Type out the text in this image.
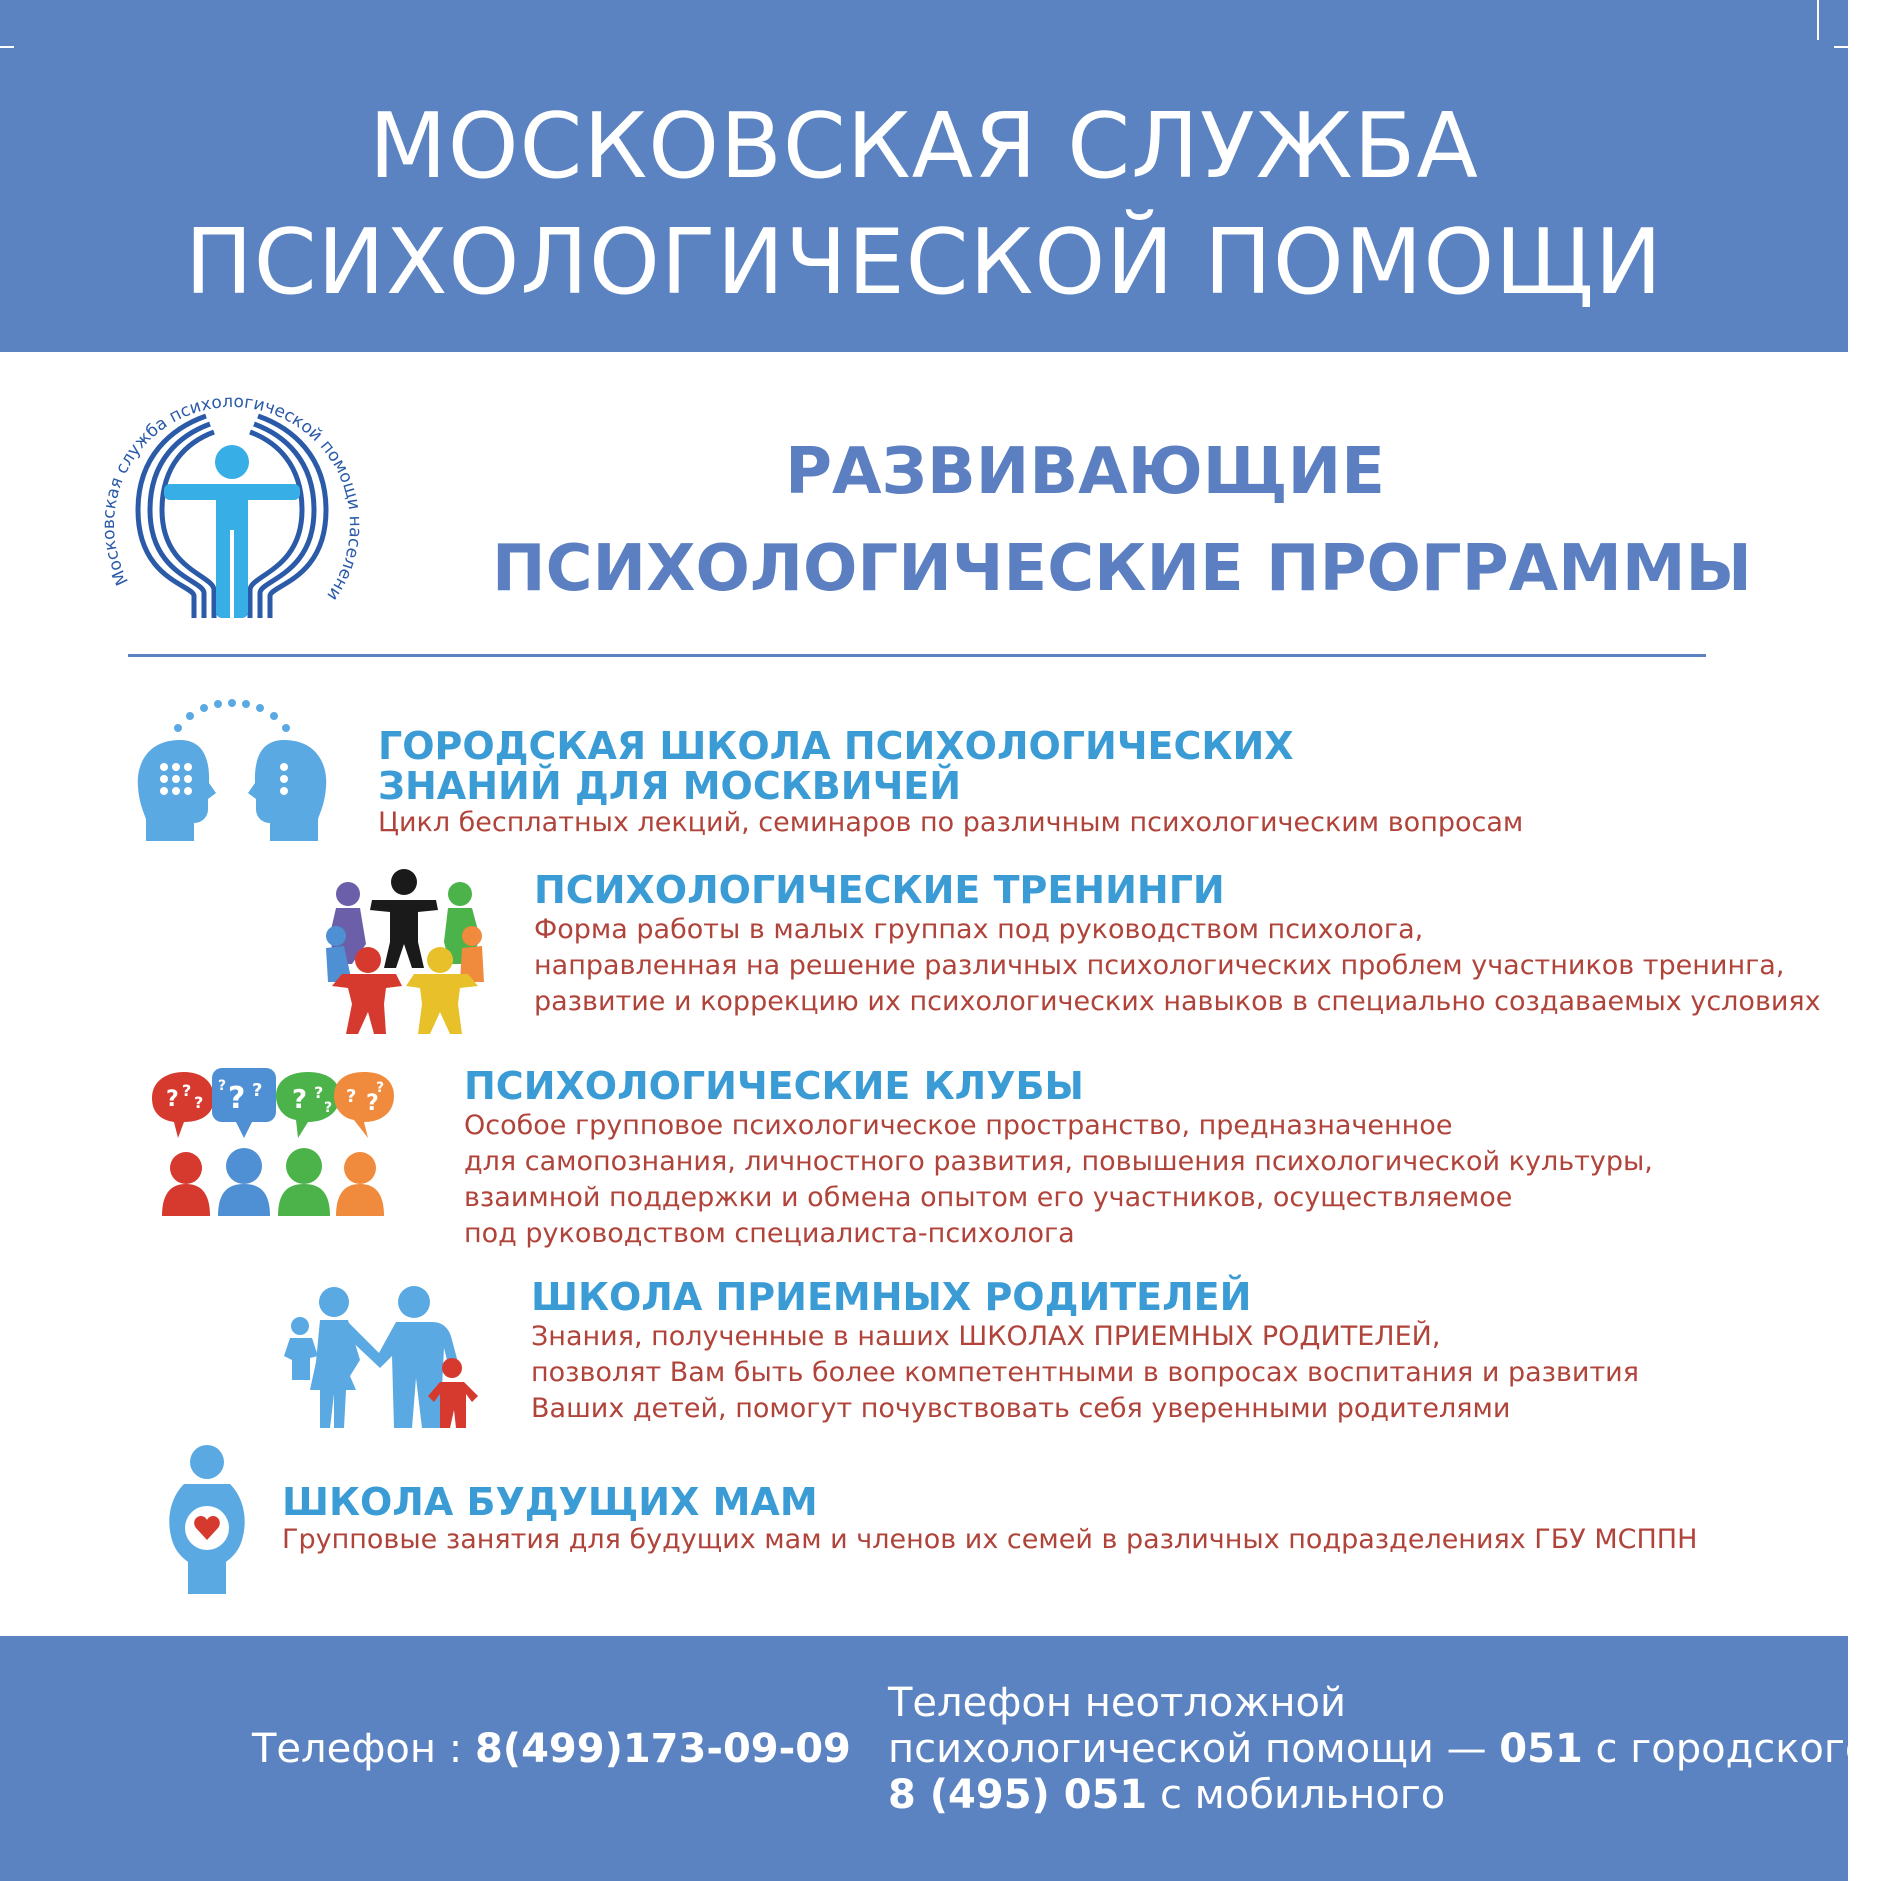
МОСКОВСКАЯ СЛУЖБА
ПСИХОЛОГИЧЕСКОЙ ПОМОЩИ
Московская служба психологической помощи населени
РАЗВИВАЮЩИЕ
ПСИХОЛОГИЧЕСКИЕ ПРОГРАММЫ
ГОРОДСКАЯ ШКОЛА ПСИХОЛОГИЧЕСКИХ
ЗНАНИЙ ДЛЯ МОСКВИЧЕЙ
Цикл бесплатных лекций, семинаров по различным психологическим вопросам
ПСИХОЛОГИЧЕСКИЕ ТРЕНИНГИ
Форма работы в малых группах под руководством психолога,
направленная на решение различных психологических проблем участников тренинга,
развитие и коррекцию их психологических навыков в специально создаваемых условиях
? ?
? ? ?
?	? ?
?
? ?
? ПСИХОЛОГИЧЕСКИЕ КЛУБЫ
Особое групповое психологическое пространство, предназначенное
для самопознания, личностного развития, повышения психологической культуры,
взаимной поддержки и обмена опытом его участников, осуществляемое
под руководством специалиста-психолога
ШКОЛА ПРИЕМНЫХ РОДИТЕЛЕЙ
Знания, полученные в наших ШКОЛАХ ПРИЕМНЫХ РОДИТЕЛЕЙ,
позволят Вам быть более компетентными в вопросах воспитания и развития
Ваших детей, помогут почувствовать себя уверенными родителями
ШКОЛА БУДУЩИХ МАМ
Групповые занятия для будущих мам и членов их семей в различных подразделениях ГБУ МСППН
Телефон : 8(499)173-09-09
Телефон неотложной
психологической помощи — 051 с городского;
8 (495) 051 с мобильного
